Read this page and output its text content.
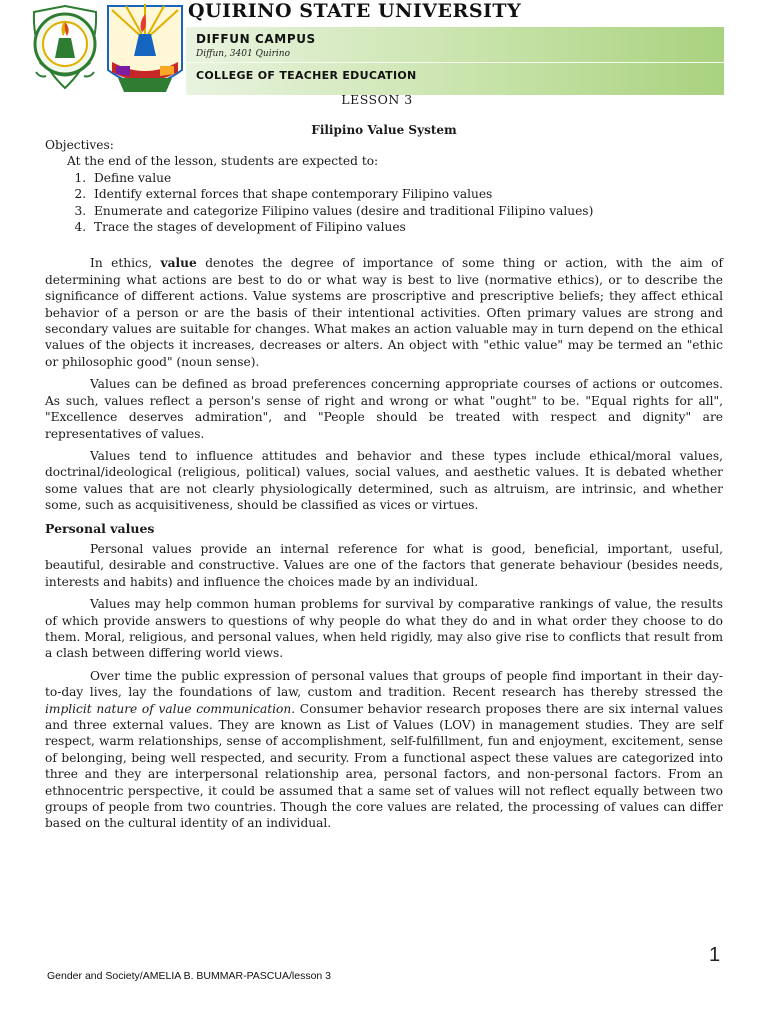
QUIRINO STATE UNIVERSITY
DIFFUN CAMPUS
Diffun, 3401 Quirino
COLLEGE OF TEACHER EDUCATION
LESSON 3
Filipino Value System
Objectives:
At the end of the lesson, students are expected to:
1. Define value
2. Identify external forces that shape contemporary Filipino values
3. Enumerate and categorize Filipino values (desire and traditional Filipino values)
4. Trace the stages of development of Filipino values

In ethics, value denotes the degree of importance of some thing or action, with the aim of determining what actions are best to do or what way is best to live (normative ethics), or to describe the significance of different actions. Value systems are proscriptive and prescriptive beliefs; they affect ethical behavior of a person or are the basis of their intentional activities. Often primary values are strong and secondary values are suitable for changes. What makes an action valuable may in turn depend on the ethical values of the objects it increases, decreases or alters. An object with "ethic value" may be termed an "ethic or philosophic good" (noun sense).

Values can be defined as broad preferences concerning appropriate courses of actions or outcomes. As such, values reflect a person's sense of right and wrong or what "ought" to be. "Equal rights for all", "Excellence deserves admiration", and "People should be treated with respect and dignity" are representatives of values.

Values tend to influence attitudes and behavior and these types include ethical/moral values, doctrinal/ideological (religious, political) values, social values, and aesthetic values. It is debated whether some values that are not clearly physiologically determined, such as altruism, are intrinsic, and whether some, such as acquisitiveness, should be classified as vices or virtues.

Personal values

Personal values provide an internal reference for what is good, beneficial, important, useful, beautiful, desirable and constructive. Values are one of the factors that generate behaviour (besides needs, interests and habits) and influence the choices made by an individual.

Values may help common human problems for survival by comparative rankings of value, the results of which provide answers to questions of why people do what they do and in what order they choose to do them. Moral, religious, and personal values, when held rigidly, may also give rise to conflicts that result from a clash between differing world views.

Over time the public expression of personal values that groups of people find important in their day-to-day lives, lay the foundations of law, custom and tradition. Recent research has thereby stressed the implicit nature of value communication. Consumer behavior research proposes there are six internal values and three external values. They are known as List of Values (LOV) in management studies. They are self respect, warm relationships, sense of accomplishment, self-fulfillment, fun and enjoyment, excitement, sense of belonging, being well respected, and security. From a functional aspect these values are categorized into three and they are interpersonal relationship area, personal factors, and non-personal factors. From an ethnocentric perspective, it could be assumed that a same set of values will not reflect equally between two groups of people from two countries. Though the core values are related, the processing of values can differ based on the cultural identity of an individual.

1
Gender and Society/AMELIA B. BUMMAR-PASCUA/lesson 3
